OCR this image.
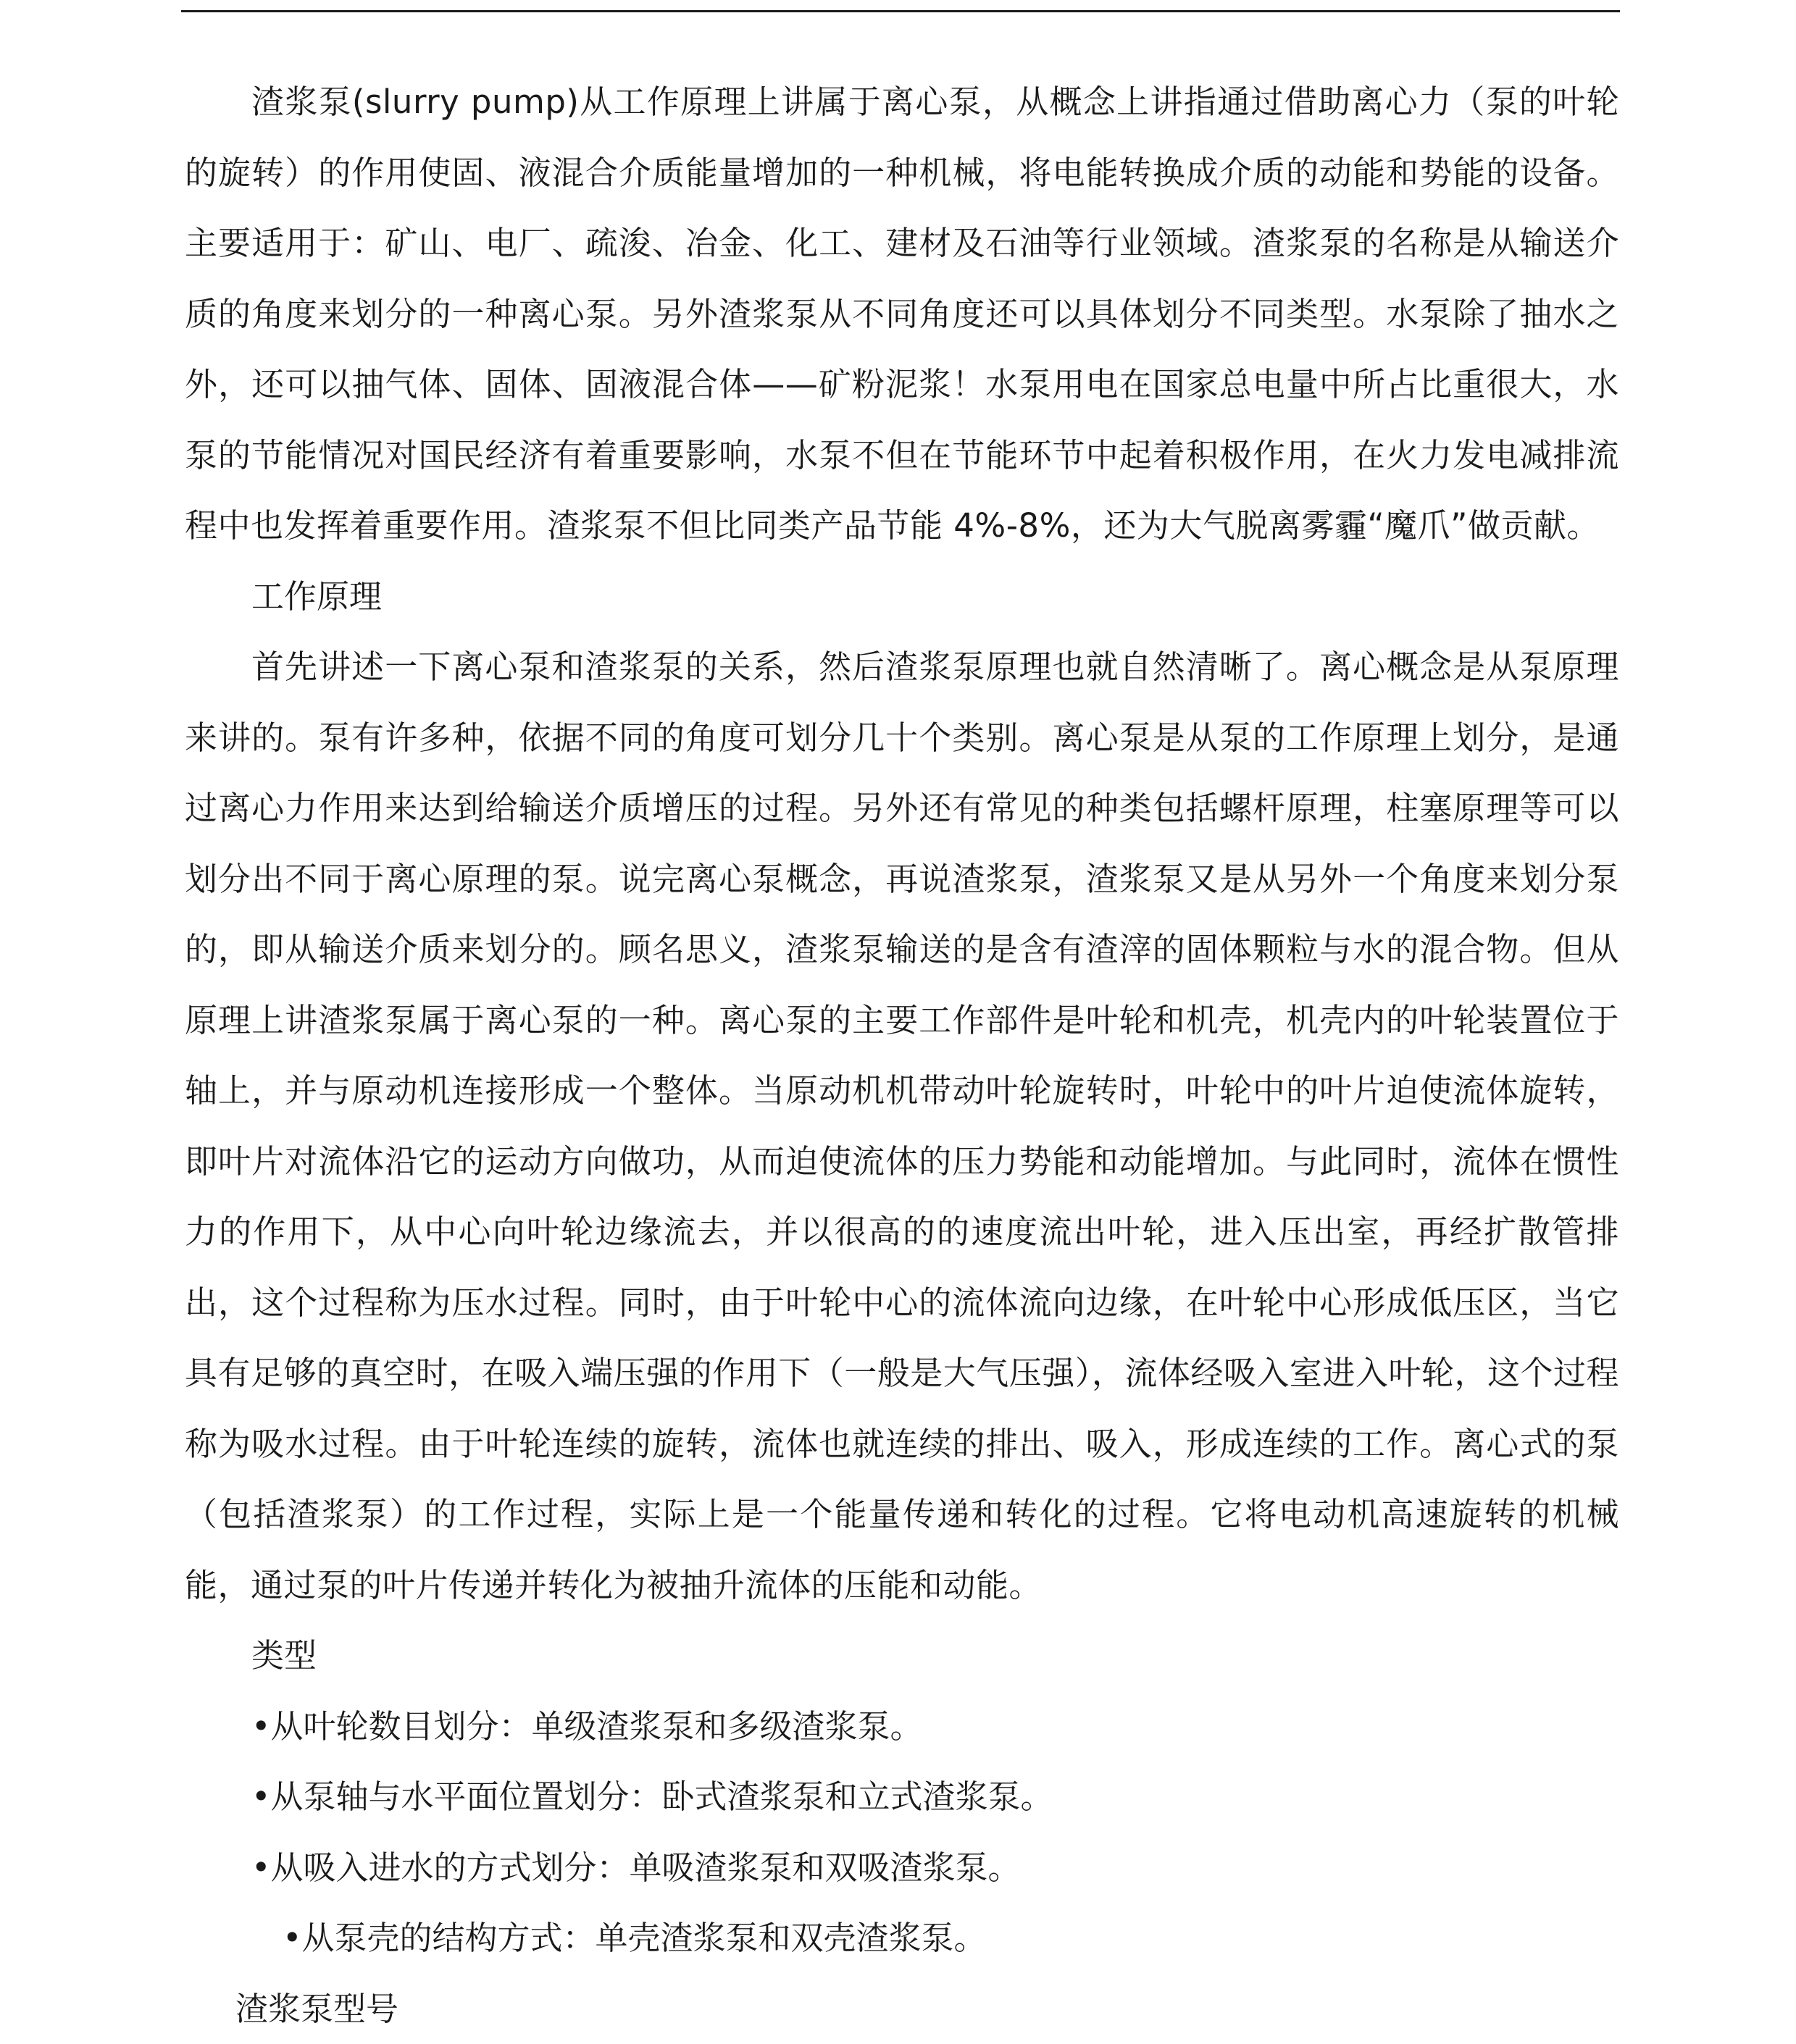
渣浆泵(slurry pump)从工作原理上讲属于离心泵，从概念上讲指通过借助离心力（泵的叶轮的旋转）的作用使固、液混合介质能量增加的一种机械，将电能转换成介质的动能和势能的设备。主要适用于：矿山、电厂、疏浚、冶金、化工、建材及石油等行业领域。渣浆泵的名称是从输送介质的角度来划分的一种离心泵。另外渣浆泵从不同角度还可以具体划分不同类型。水泵除了抽水之外，还可以抽气体、固体、固液混合体——矿粉泥浆！水泵用电在国家总电量中所占比重很大，水泵的节能情况对国民经济有着重要影响，水泵不但在节能环节中起着积极作用，在火力发电减排流程中也发挥着重要作用。渣浆泵不但比同类产品节能 4%-8%，还为大气脱离雾霾“魔爪”做贡献。

工作原理

首先讲述一下离心泵和渣浆泵的关系，然后渣浆泵原理也就自然清晰了。离心概念是从泵原理来讲的。泵有许多种，依据不同的角度可划分几十个类别。离心泵是从泵的工作原理上划分，是通过离心力作用来达到给输送介质增压的过程。另外还有常见的种类包括螺杆原理，柱塞原理等可以划分出不同于离心原理的泵。说完离心泵概念，再说渣浆泵，渣浆泵又是从另外一个角度来划分泵的，即从输送介质来划分的。顾名思义，渣浆泵输送的是含有渣滓的固体颗粒与水的混合物。但从原理上讲渣浆泵属于离心泵的一种。离心泵的主要工作部件是叶轮和机壳，机壳内的叶轮装置位于轴上，并与原动机连接形成一个整体。当原动机机带动叶轮旋转时，叶轮中的叶片迫使流体旋转，即叶片对流体沿它的运动方向做功，从而迫使流体的压力势能和动能增加。与此同时，流体在惯性力的作用下，从中心向叶轮边缘流去，并以很高的的速度流出叶轮，进入压出室，再经扩散管排出，这个过程称为压水过程。同时，由于叶轮中心的流体流向边缘，在叶轮中心形成低压区，当它具有足够的真空时，在吸入端压强的作用下（一般是大气压强），流体经吸入室进入叶轮，这个过程称为吸水过程。由于叶轮连续的旋转，流体也就连续的排出、吸入，形成连续的工作。离心式的泵（包括渣浆泵）的工作过程，实际上是一个能量传递和转化的过程。它将电动机高速旋转的机械能，通过泵的叶片传递并转化为被抽升流体的压能和动能。

类型

•从叶轮数目划分：单级渣浆泵和多级渣浆泵。

•从泵轴与水平面位置划分：卧式渣浆泵和立式渣浆泵。

•从吸入进水的方式划分：单吸渣浆泵和双吸渣浆泵。

•从泵壳的结构方式：单壳渣浆泵和双壳渣浆泵。

渣浆泵型号
